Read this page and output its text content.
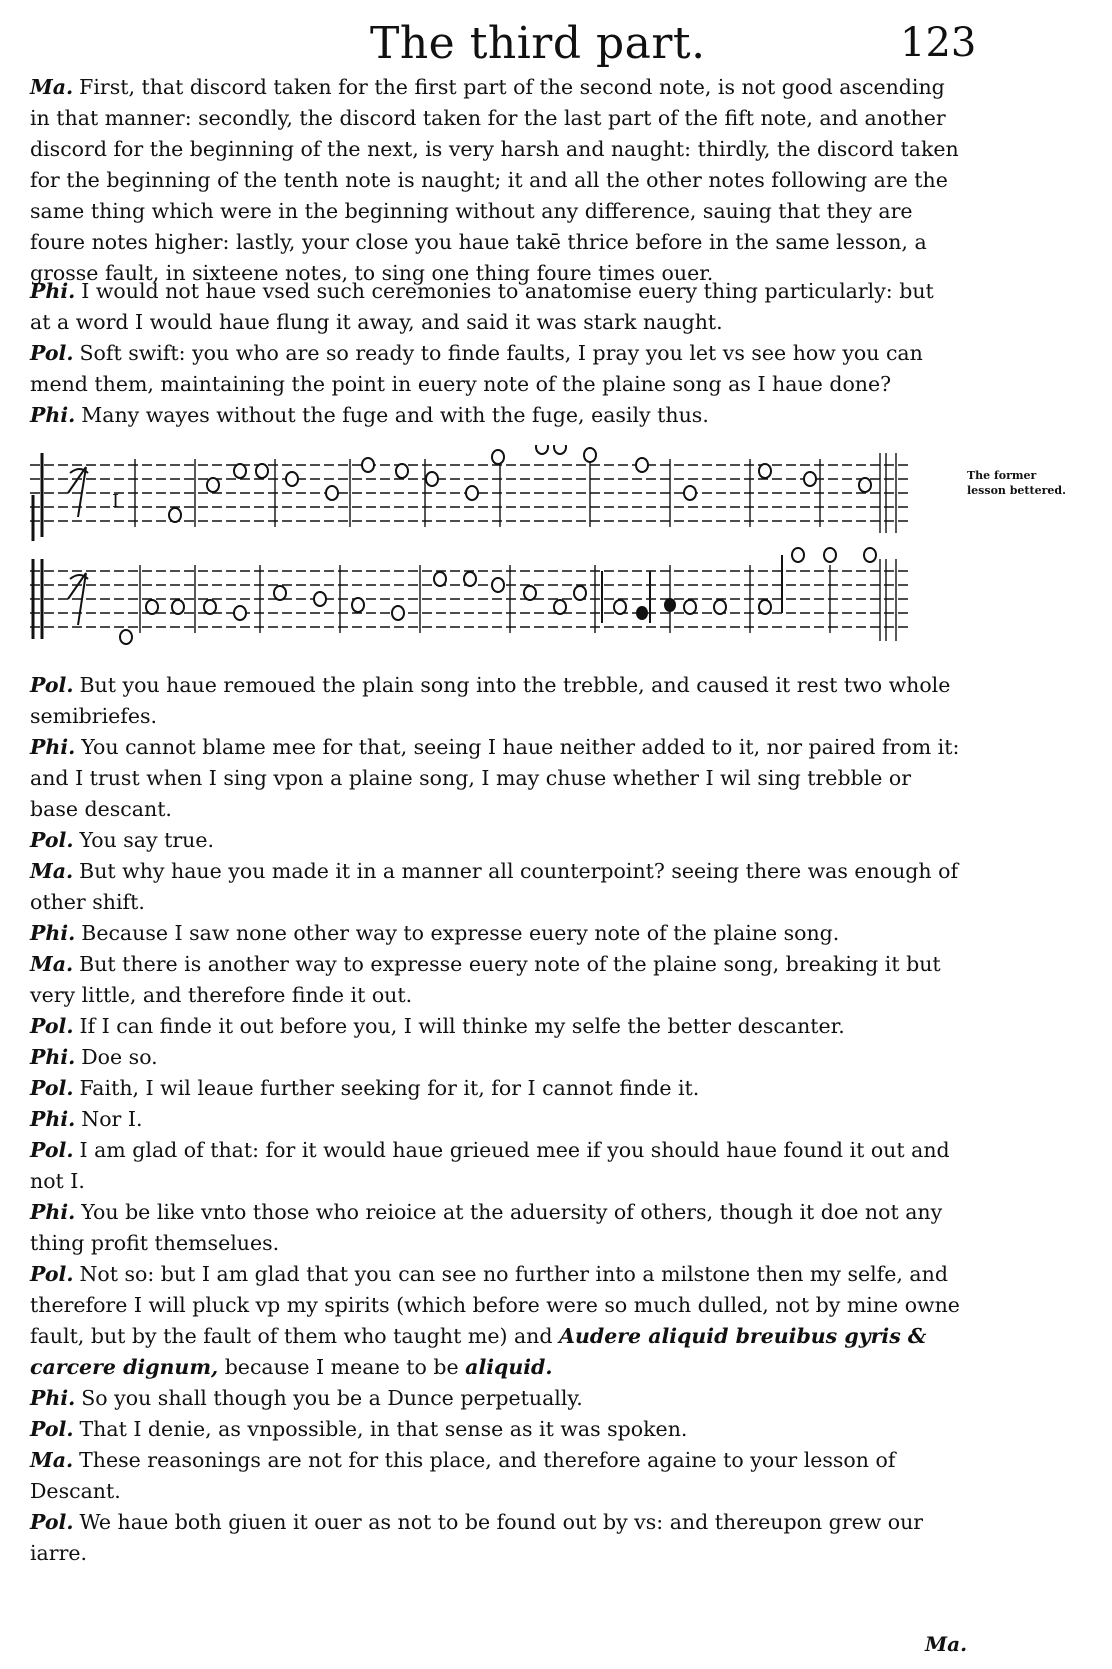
The third part.	123
Ma. First, that discord taken for the first part of the second note, is not good ascending in that manner: secondly, the discord taken for the last part of the fift note, and another discord for the beginning of the next, is very harsh and naught: thirdly, the discord taken for the beginning of the tenth note is naught; it and all the other notes following are the same thing which were in the beginning without any difference, sauing that they are foure notes higher: lastly, your close you haue takē thrice before in the same lesson, a grosse fault, in sixteene notes, to sing one thing foure times ouer.
Phi. I would not haue vsed such ceremonies to anatomise euery thing particularly: but at a word I would haue flung it away, and said it was stark naught.
Pol. Soft swift: you who are so ready to finde faults, I pray you let vs see how you can mend them, maintaining the point in euery note of the plaine song as I haue done?
Phi. Many wayes without the fuge and with the fuge, easily thus.
I
The former lesson bettered.
Pol. But you haue remoued the plain song into the trebble, and caused it rest two whole semibriefes.
Phi. You cannot blame mee for that, seeing I haue neither added to it, nor paired from it: and I trust when I sing vpon a plaine song, I may chuse whether I wil sing trebble or base descant.
Pol. You say true.
Ma. But why haue you made it in a manner all counterpoint? seeing there was enough of other shift.
Phi. Because I saw none other way to expresse euery note of the plaine song.
Ma. But there is another way to expresse euery note of the plaine song, breaking it but very little, and therefore finde it out.
Pol. If I can finde it out before you, I will thinke my selfe the better descanter.
Phi. Doe so.
Pol. Faith, I wil leaue further seeking for it, for I cannot finde it.
Phi. Nor I.
Pol. I am glad of that: for it would haue grieued mee if you should haue found it out and not I.
Phi. You be like vnto those who reioice at the aduersity of others, though it doe not any thing profit themselues.
Pol. Not so: but I am glad that you can see no further into a milstone then my selfe, and therefore I will pluck vp my spirits (which before were so much dulled, not by mine owne fault, but by the fault of them who taught me) and Audere aliquid breuibus gyris & carcere dignum, because I meane to be aliquid.
Phi. So you shall though you be a Dunce perpetually.
Pol. That I denie, as vnpossible, in that sense as it was spoken.
Ma. These reasonings are not for this place, and therefore againe to your lesson of Descant.
Pol. We haue both giuen it ouer as not to be found out by vs: and thereupon grew our iarre.
Ma.
